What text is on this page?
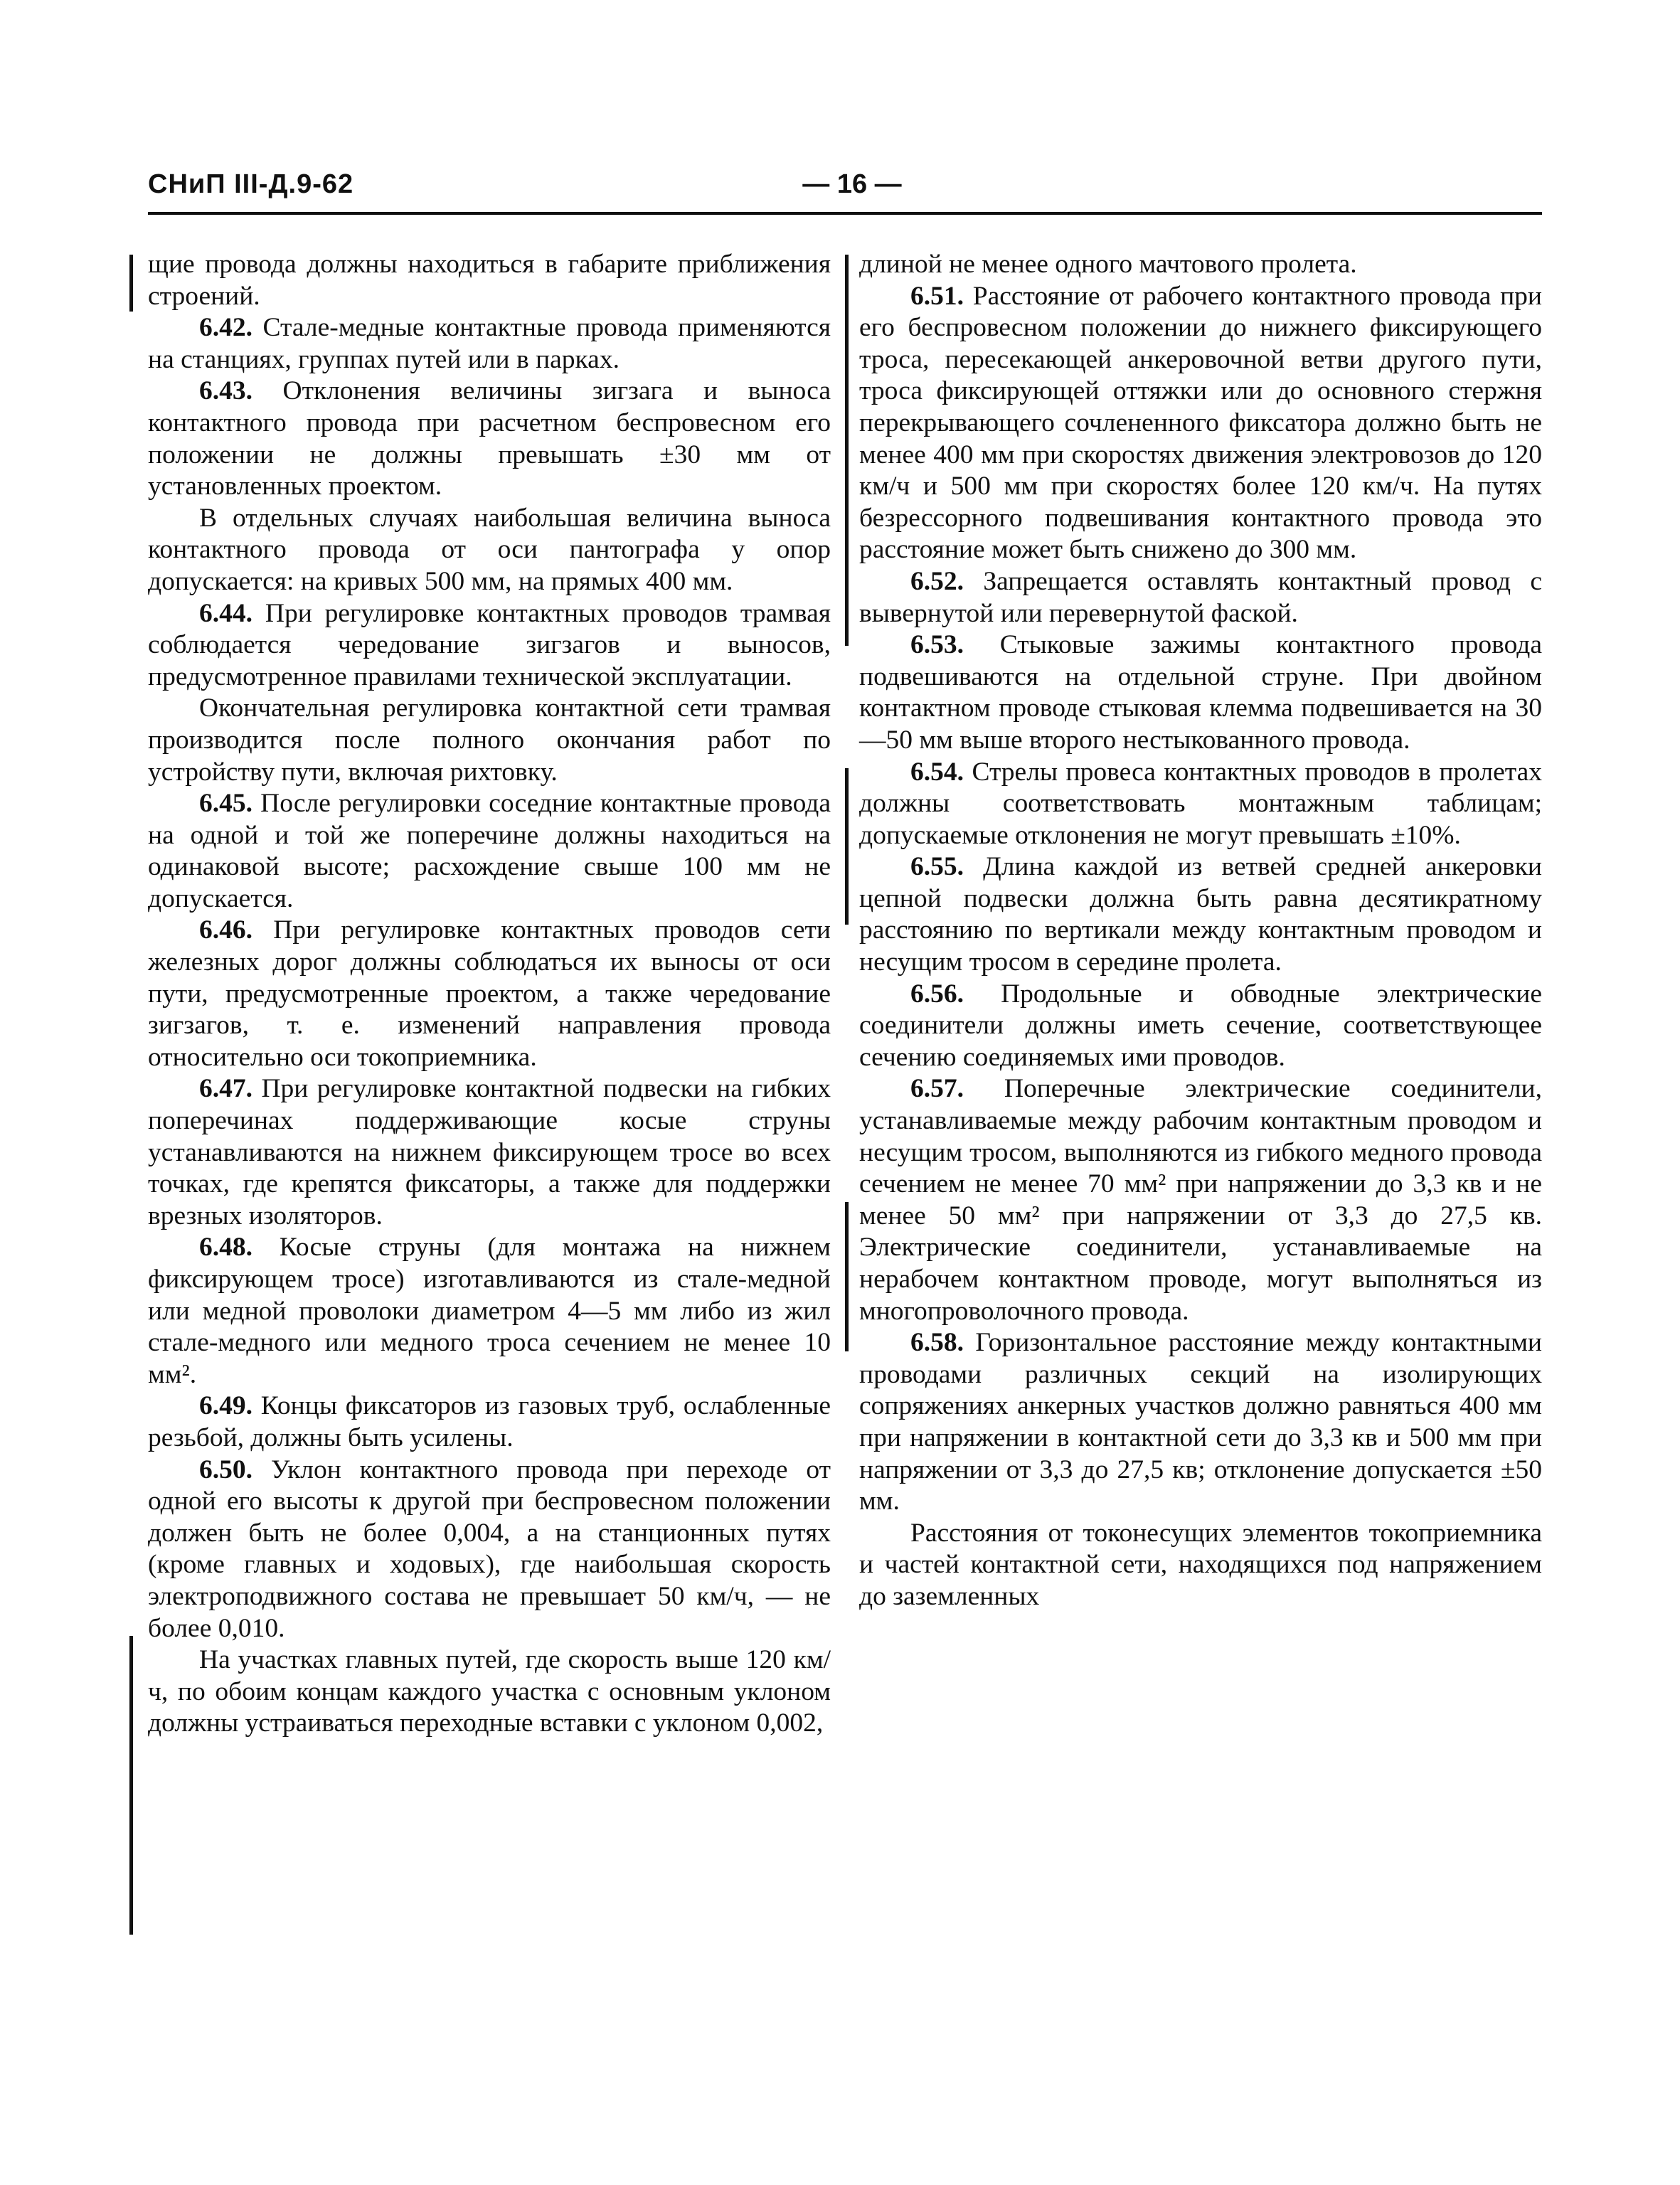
СНиП III-Д.9-62	— 16 —

щие провода должны находиться в габарите приближения строений.

6.42. Стале-медные контактные провода применяются на станциях, группах путей или в парках.

6.43. Отклонения величины зигзага и выноса контактного провода при расчетном беспровесном его положении не должны превышать ±30 мм от установленных проектом.

В отдельных случаях наибольшая величина выноса контактного провода от оси пантографа у опор допускается: на кривых 500 мм, на прямых 400 мм.

6.44. При регулировке контактных проводов трамвая соблюдается чередование зигзагов и выносов, предусмотренное правилами технической эксплуатации.

Окончательная регулировка контактной сети трамвая производится после полного окончания работ по устройству пути, включая рихтовку.

6.45. После регулировки соседние контактные провода на одной и той же поперечине должны находиться на одинаковой высоте; расхождение свыше 100 мм не допускается.

6.46. При регулировке контактных проводов сети железных дорог должны соблюдаться их выносы от оси пути, предусмотренные проектом, а также чередование зигзагов, т. е. изменений направления провода относительно оси токоприемника.

6.47. При регулировке контактной подвески на гибких поперечинах поддерживающие косые струны устанавливаются на нижнем фиксирующем тросе во всех точках, где крепятся фиксаторы, а также для поддержки врезных изоляторов.

6.48. Косые струны (для монтажа на нижнем фиксирующем тросе) изготавливаются из стале-медной или медной проволоки диаметром 4—5 мм либо из жил стале-медного или медного троса сечением не менее 10 мм².

6.49. Концы фиксаторов из газовых труб, ослабленные резьбой, должны быть усилены.

6.50. Уклон контактного провода при переходе от одной его высоты к другой при беспровесном положении должен быть не более 0,004, а на станционных путях (кроме главных и ходовых), где наибольшая скорость электроподвижного состава не превышает 50 км/ч, — не более 0,010.

На участках главных путей, где скорость выше 120 км/ч, по обоим концам каждого участка с основным уклоном должны устраиваться переходные вставки с уклоном 0,002,

длиной не менее одного мачтового пролета.

6.51. Расстояние от рабочего контактного провода при его беспровесном положении до нижнего фиксирующего троса, пересекающей анкеровочной ветви другого пути, троса фиксирующей оттяжки или до основного стержня перекрывающего сочлененного фиксатора должно быть не менее 400 мм при скоростях движения электровозов до 120 км/ч и 500 мм при скоростях более 120 км/ч. На путях безрессорного подвешивания контактного провода это расстояние может быть снижено до 300 мм.

6.52. Запрещается оставлять контактный провод с вывернутой или перевернутой фаской.

6.53. Стыковые зажимы контактного провода подвешиваются на отдельной струне. При двойном контактном проводе стыковая клемма подвешивается на 30—50 мм выше второго нестыкованного провода.

6.54. Стрелы провеса контактных проводов в пролетах должны соответствовать монтажным таблицам; допускаемые отклонения не могут превышать ±10%.

6.55. Длина каждой из ветвей средней анкеровки цепной подвески должна быть равна десятикратному расстоянию по вертикали между контактным проводом и несущим тросом в середине пролета.

6.56. Продольные и обводные электрические соединители должны иметь сечение, соответствующее сечению соединяемых ими проводов.

6.57. Поперечные электрические соединители, устанавливаемые между рабочим контактным проводом и несущим тросом, выполняются из гибкого медного провода сечением не менее 70 мм² при напряжении до 3,3 кв и не менее 50 мм² при напряжении от 3,3 до 27,5 кв. Электрические соединители, устанавливаемые на нерабочем контактном проводе, могут выполняться из многопроволочного провода.

6.58. Горизонтальное расстояние между контактными проводами различных секций на изолирующих сопряжениях анкерных участков должно равняться 400 мм при напряжении в контактной сети до 3,3 кв и 500 мм при напряжении от 3,3 до 27,5 кв; отклонение допускается ±50 мм.

Расстояния от токонесущих элементов токоприемника и частей контактной сети, находящихся под напряжением до заземленных
